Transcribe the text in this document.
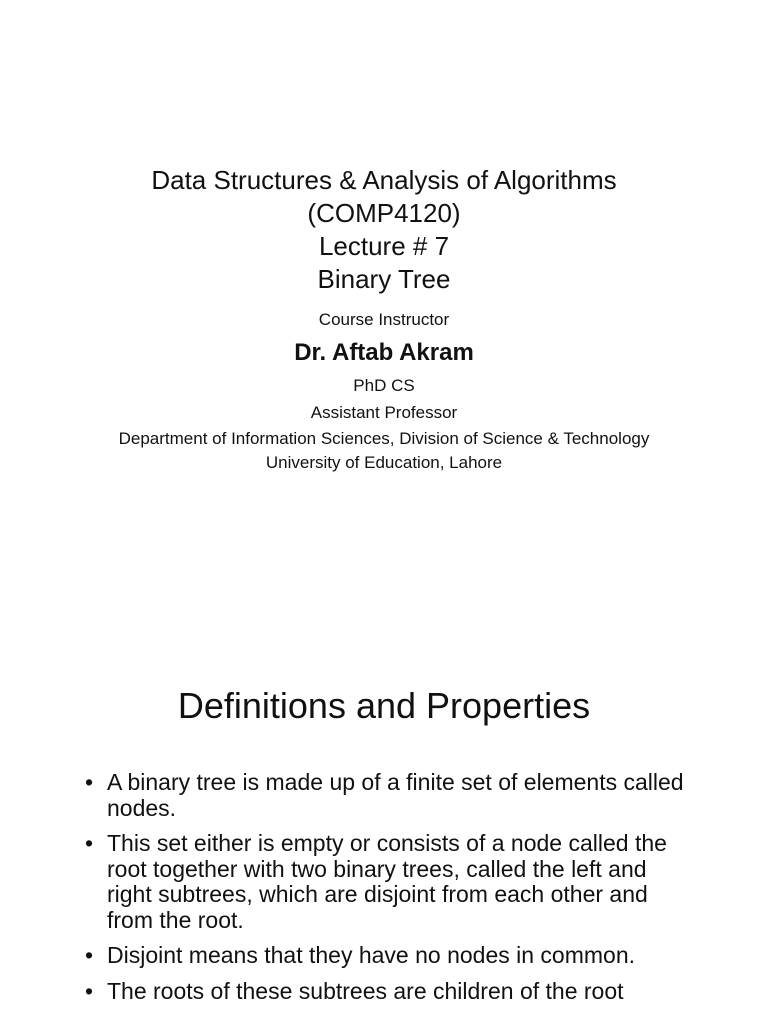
Data Structures & Analysis of Algorithms

(COMP4120)

Lecture # 7

Binary Tree

Course Instructor

Dr. Aftab Akram

PhD CS

Assistant Professor

Department of Information Sciences, Division of Science & Technology

University of Education, Lahore

Definitions and Properties
• A binary tree is made up of a finite set of elements called nodes.
• This set either is empty or consists of a node called the root together with two binary trees, called the left and right subtrees, which are disjoint from each other and from the root.
• Disjoint means that they have no nodes in common.
• The roots of these subtrees are children of the root
